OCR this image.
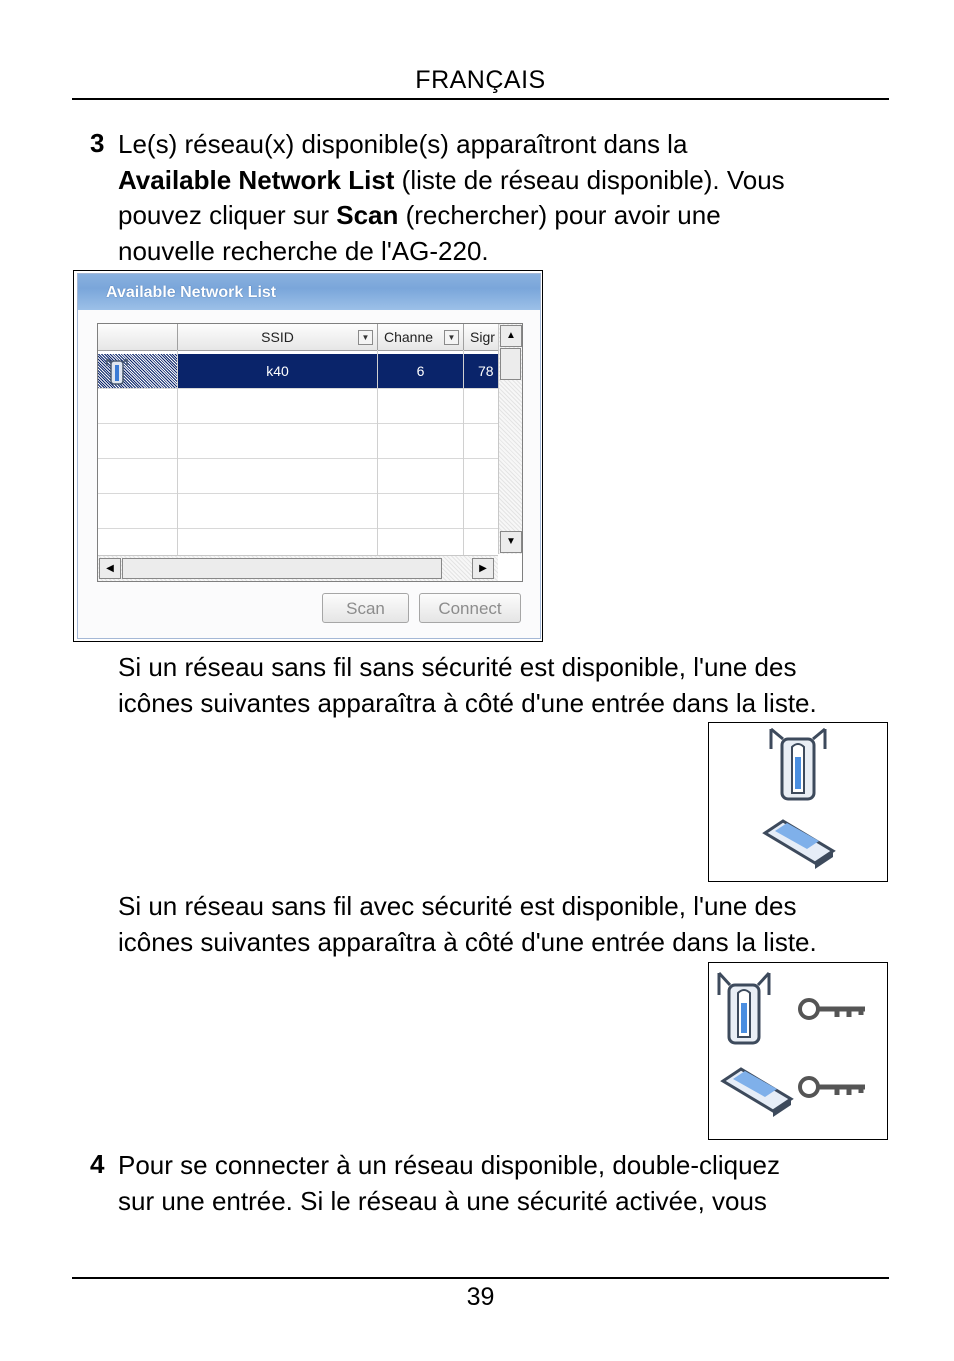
FRANÇAIS
3 Le(s) réseau(x) disponible(s) apparaîtront dans la
Available Network List (liste de réseau disponible). Vous
pouvez cliquer sur Scan (rechercher) pour avoir une
nouvelle recherche de l'AG-220.
Available Network List
SSID	▼ Channe	▼	Sigr
k40	6	78
▲
▼
◀	▶
Scan	Connect
Si un réseau sans fil sans sécurité est disponible, l'une des
icônes suivantes apparaîtra à côté d'une entrée dans la liste.
Si un réseau sans fil avec sécurité est disponible, l'une des
icônes suivantes apparaîtra à côté d'une entrée dans la liste.
4 Pour se connecter à un réseau disponible, double-cliquez
sur une entrée. Si le réseau à une sécurité activée, vous
39
